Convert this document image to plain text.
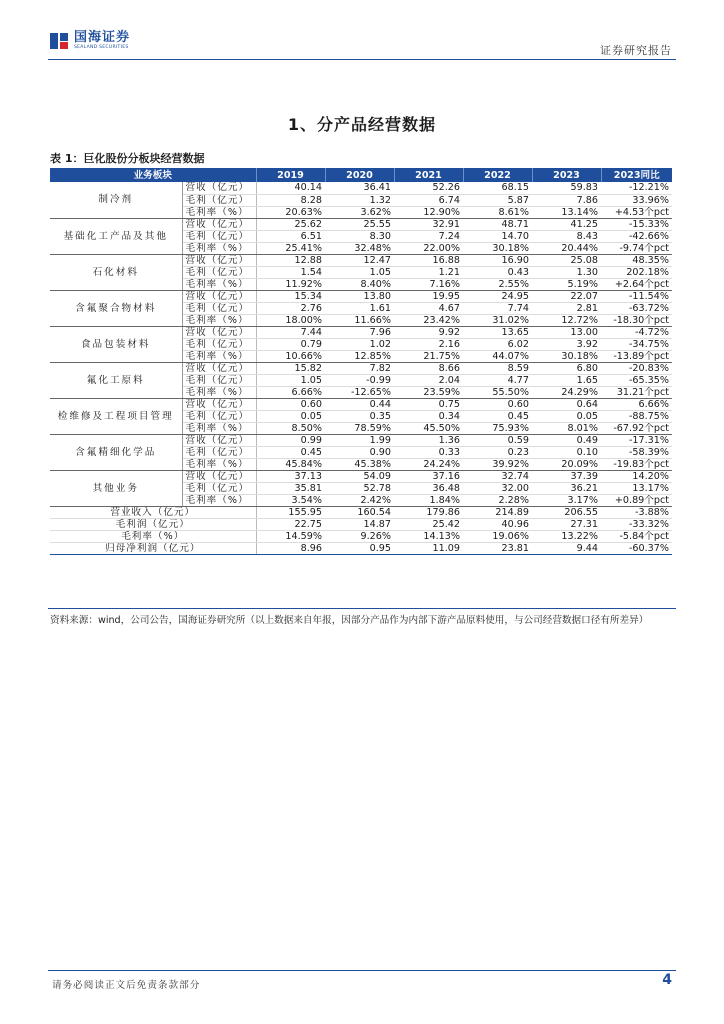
国海证券
SEALAND SECURITIES	证券研究报告
1、分产品经营数据
表 1：巨化股份分板块经营数据
业务板块		2019	2020	2021	2022	2023	2023同比
制冷剂	营收（亿元）	40.14	36.41	52.26	68.15	59.83	-12.21%
	毛利（亿元）	8.28	1.32	6.74	5.87	7.86	33.96%
	毛利率（%）	20.63%	3.62%	12.90%	8.61%	13.14%	+4.53个pct
基础化工产品及其他	营收（亿元）	25.62	25.55	32.91	48.71	41.25	-15.33%
	毛利（亿元）	6.51	8.30	7.24	14.70	8.43	-42.66%
	毛利率（%）	25.41%	32.48%	22.00%	30.18%	20.44%	-9.74个pct
石化材料	营收（亿元）	12.88	12.47	16.88	16.90	25.08	48.35%
	毛利（亿元）	1.54	1.05	1.21	0.43	1.30	202.18%
	毛利率（%）	11.92%	8.40%	7.16%	2.55%	5.19%	+2.64个pct
含氟聚合物材料	营收（亿元）	15.34	13.80	19.95	24.95	22.07	-11.54%
	毛利（亿元）	2.76	1.61	4.67	7.74	2.81	-63.72%
	毛利率（%）	18.00%	11.66%	23.42%	31.02%	12.72%	-18.30个pct
食品包装材料	营收（亿元）	7.44	7.96	9.92	13.65	13.00	-4.72%
	毛利（亿元）	0.79	1.02	2.16	6.02	3.92	-34.75%
	毛利率（%）	10.66%	12.85%	21.75%	44.07%	30.18%	-13.89个pct
氟化工原料	营收（亿元）	15.82	7.82	8.66	8.59	6.80	-20.83%
	毛利（亿元）	1.05	-0.99	2.04	4.77	1.65	-65.35%
	毛利率（%）	6.66%	-12.65%	23.59%	55.50%	24.29%	31.21个pct
检维修及工程项目管理	营收（亿元）	0.60	0.44	0.75	0.60	0.64	6.66%
	毛利（亿元）	0.05	0.35	0.34	0.45	0.05	-88.75%
	毛利率（%）	8.50%	78.59%	45.50%	75.93%	8.01%	-67.92个pct
含氟精细化学品	营收（亿元）	0.99	1.99	1.36	0.59	0.49	-17.31%
	毛利（亿元）	0.45	0.90	0.33	0.23	0.10	-58.39%
	毛利率（%）	45.84%	45.38%	24.24%	39.92%	20.09%	-19.83个pct
其他业务	营收（亿元）	37.13	54.09	37.16	32.74	37.39	14.20%
	毛利（亿元）	35.81	52.78	36.48	32.00	36.21	13.17%
	毛利率（%）	3.54%	2.42%	1.84%	2.28%	3.17%	+0.89个pct
营业收入（亿元）		155.95	160.54	179.86	214.89	206.55	-3.88%
毛利润（亿元）		22.75	14.87	25.42	40.96	27.31	-33.32%
毛利率（%）		14.59%	9.26%	14.13%	19.06%	13.22%	-5.84个pct
归母净利润（亿元）		8.96	0.95	11.09	23.81	9.44	-60.37%
资料来源：wind，公司公告，国海证券研究所（以上数据来自年报，因部分产品作为内部下游产品原料使用，与公司经营数据口径有所差异）
请务必阅读正文后免责条款部分	4
